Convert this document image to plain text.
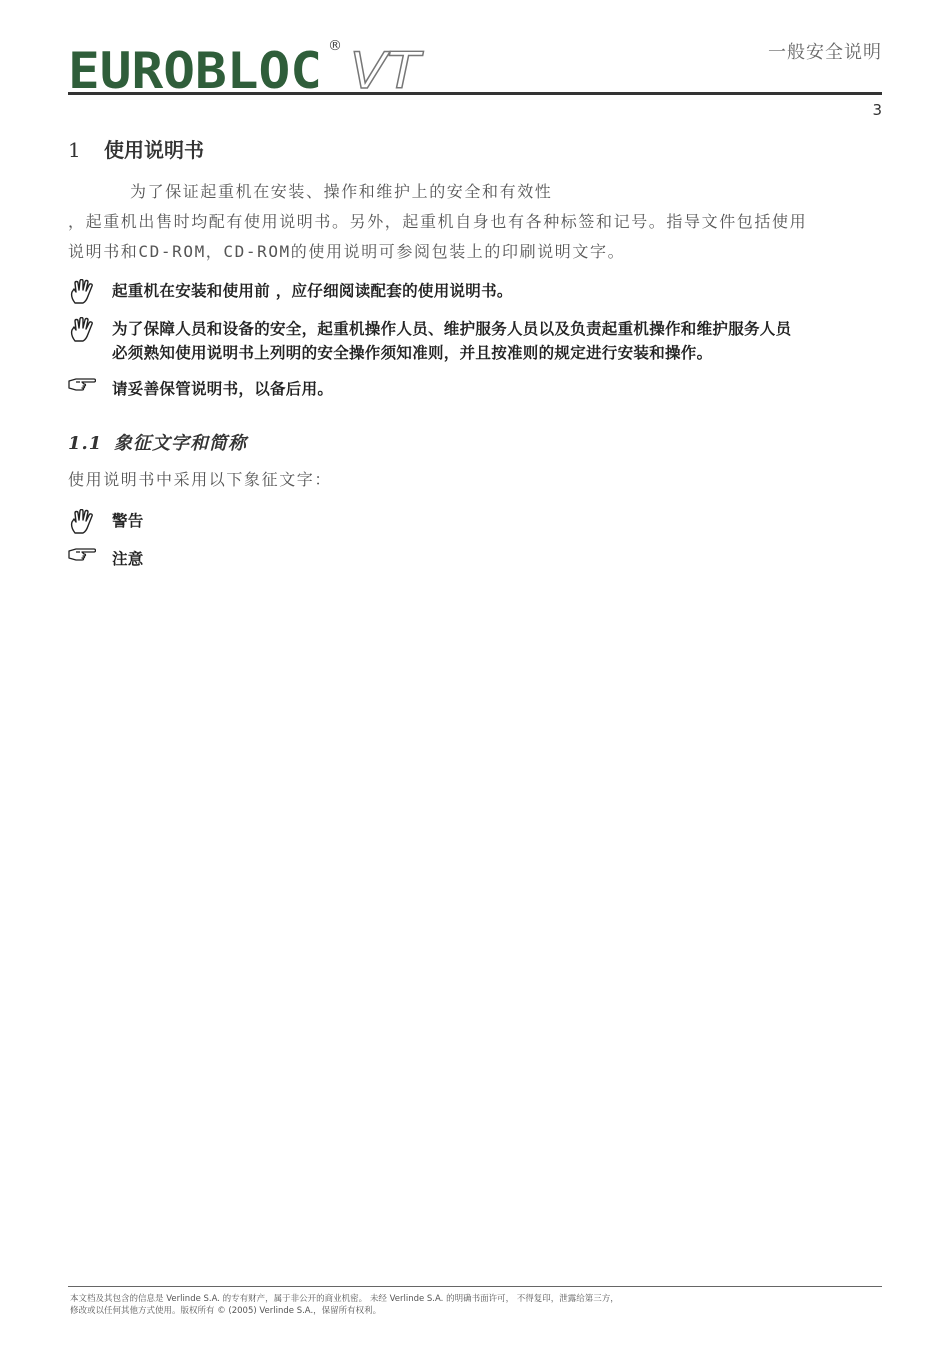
EUROBLOC ® VT	一般安全说明
3
1	使用说明书

为了保证起重机在安装、操作和维护上的安全和有效性
，起重机出售时均配有使用说明书。另外，起重机自身也有各种标签和记号。指导文件包括使用
说明书和CD-ROM，CD-ROM的使用说明可参阅包装上的印刷说明文字。

起重机在安装和使用前 ，应仔细阅读配套的使用说明书。
为了保障人员和设备的安全，起重机操作人员、维护服务人员以及负责起重机操作和维护服务人员
必须熟知使用说明书上列明的安全操作须知准则，并且按准则的规定进行安装和操作。
请妥善保管说明书，以备后用。
1.1 象征文字和简称

使用说明书中采用以下象征文字：

警告
注意
本文档及其包含的信息是 Verlinde S.A. 的专有财产，属于非公开的商业机密。 未经 Verlinde S.A. 的明确书面许可， 不得复印，泄露给第三方，
修改或以任何其他方式使用。版权所有 © (2005) Verlinde S.A.，保留所有权利。
